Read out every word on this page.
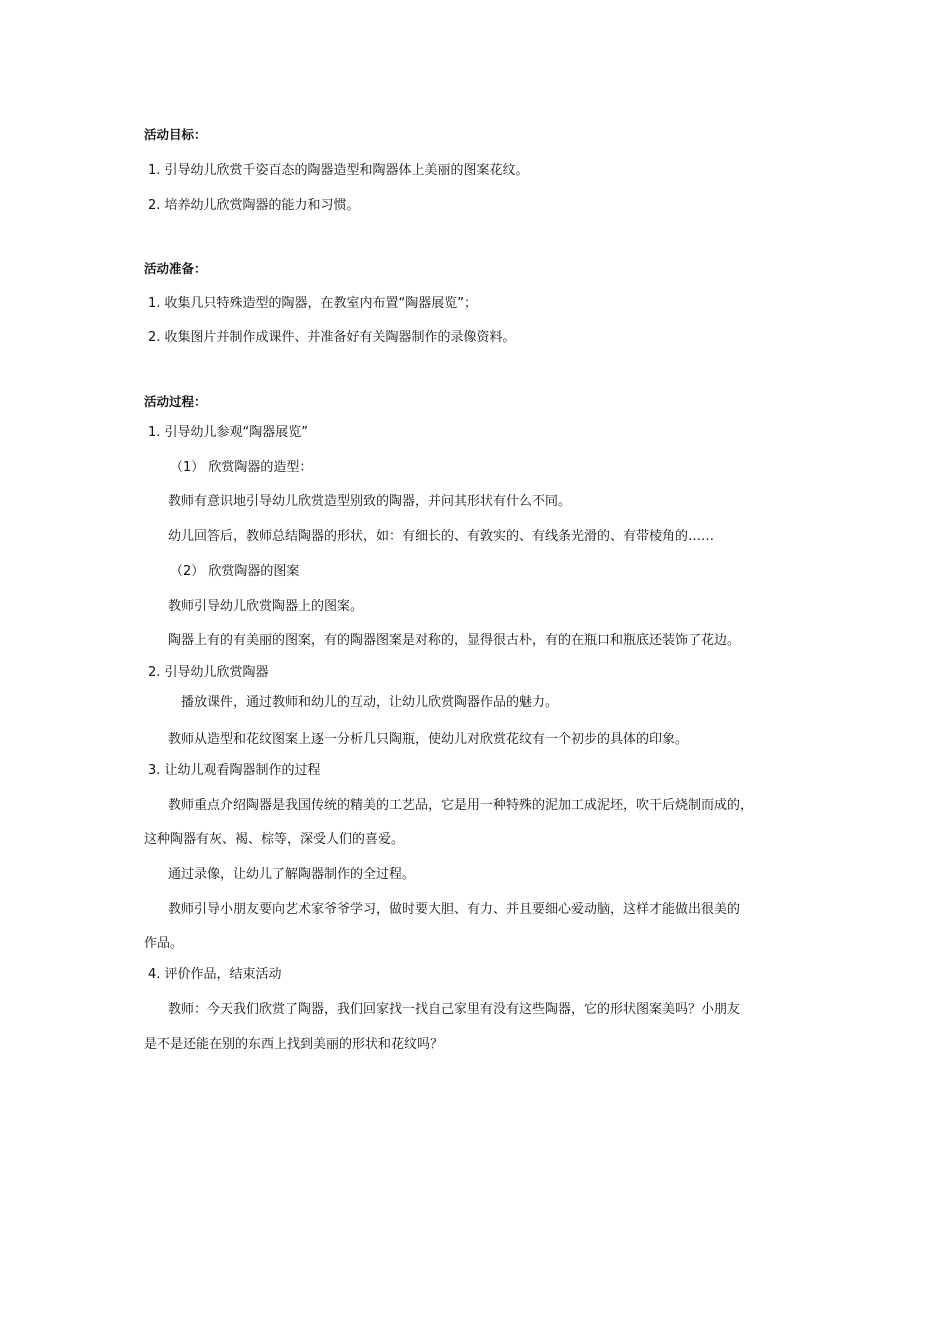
活动目标：
1. 引导幼儿欣赏千姿百态的陶器造型和陶器体上美丽的图案花纹。
2. 培养幼儿欣赏陶器的能力和习惯。
活动准备：
1. 收集几只特殊造型的陶器，在教室内布置“陶器展览”；
2. 收集图片并制作成课件、并准备好有关陶器制作的录像资料。
活动过程：
1. 引导幼儿参观“陶器展览”
（1） 欣赏陶器的造型：
教师有意识地引导幼儿欣赏造型别致的陶器，并问其形状有什么不同。
幼儿回答后，教师总结陶器的形状，如：有细长的、有敦实的、有线条光滑的、有带棱角的……
（2） 欣赏陶器的图案
教师引导幼儿欣赏陶器上的图案。
陶器上有的有美丽的图案，有的陶器图案是对称的，显得很古朴，有的在瓶口和瓶底还装饰了花边。
2. 引导幼儿欣赏陶器
播放课件，通过教师和幼儿的互动，让幼儿欣赏陶器作品的魅力。
教师从造型和花纹图案上逐一分析几只陶瓶，使幼儿对欣赏花纹有一个初步的具体的印象。
3. 让幼儿观看陶器制作的过程
教师重点介绍陶器是我国传统的精美的工艺品，它是用一种特殊的泥加工成泥坯，吹干后烧制而成的，
这种陶器有灰、褐、棕等，深受人们的喜爱。
通过录像，让幼儿了解陶器制作的全过程。
教师引导小朋友要向艺术家爷爷学习，做时要大胆、有力、并且要细心爱动脑，这样才能做出很美的
作品。
4. 评价作品，结束活动
教师：今天我们欣赏了陶器，我们回家找一找自己家里有没有这些陶器，它的形状图案美吗？小朋友
是不是还能在别的东西上找到美丽的形状和花纹吗？
